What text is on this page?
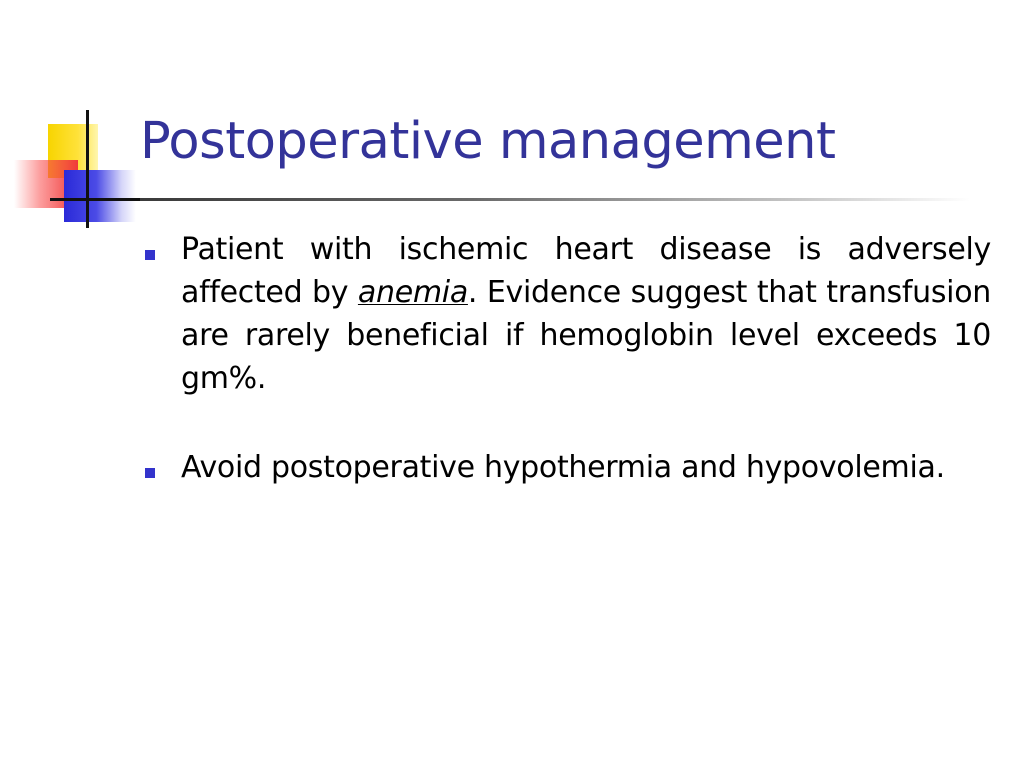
Postoperative management
Patient with ischemic heart disease is adversely affected by anemia. Evidence suggest that transfusion are rarely beneficial if hemoglobin level exceeds 10 gm%.
Avoid postoperative hypothermia and hypovolemia.
